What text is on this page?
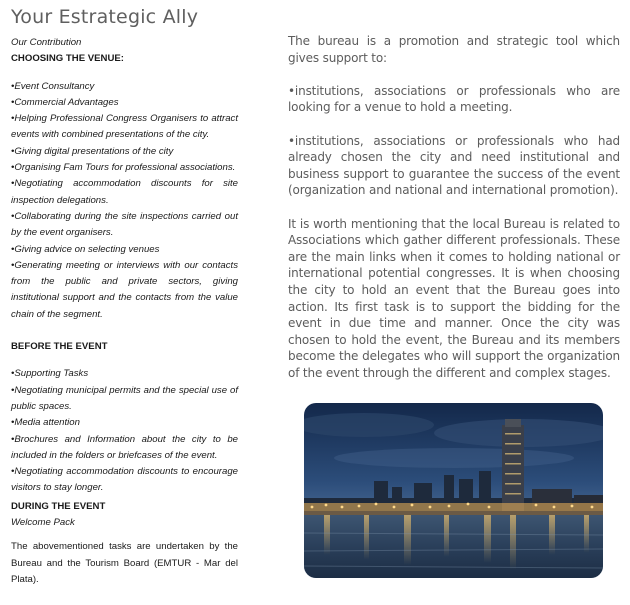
Your Estrategic Ally
Our Contribution
CHOOSING THE VENUE:
•Event Consultancy
•Commercial Advantages
•Helping Professional Congress Organisers to attract events with combined presentations of the city.
•Giving digital presentations of the city
•Organising Fam Tours for professional associations.
•Negotiating accommodation discounts for site inspection delegations.
•Collaborating during the site inspections carried out by the event organisers.
•Giving advice on selecting venues
•Generating meeting or interviews with our contacts from the public and private sectors, giving institutional support and the contacts from the value chain of the segment.
BEFORE THE EVENT
•Supporting Tasks
•Negotiating municipal permits and the special use of public spaces.
•Media attention
•Brochures and Information about the city to be included in the folders or briefcases of the event.
•Negotiating accommodation discounts to encourage visitors to stay longer.
DURING THE EVENT
Welcome Pack
The abovementioned tasks are undertaken by the Bureau and the Tourism Board (EMTUR - Mar del Plata).

The bureau is a promotion and strategic tool which gives support to:

•institutions, associations or professionals who are looking for a venue to hold a meeting.

•institutions, associations or professionals who had already chosen the city and need institutional and business support to guarantee the success of the event (organization and national and international promotion).

It is worth mentioning that the local Bureau is related to Associations which gather different professionals. These are the main links when it comes to holding national or international potential congresses. It is when choosing the city to hold an event that the Bureau goes into action. Its first task is to support the bidding for the event in due time and manner. Once the city was chosen to hold the event, the Bureau and its members become the delegates who will support the organization of the event through the different and complex stages.
